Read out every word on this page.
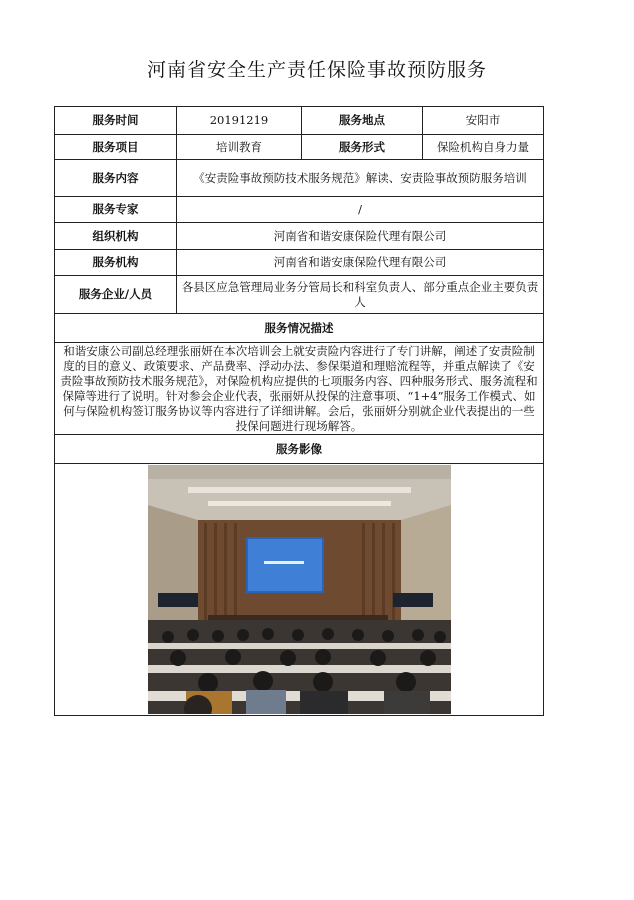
河南省安全生产责任保险事故预防服务
服务时间	20191219	服务地点	安阳市
服务项目	培训教育	服务形式	保险机构自身力量
服务内容	《安责险事故预防技术服务规范》解读、安责险事故预防服务培训		
服务专家	/		
组织机构	河南省和谐安康保险代理有限公司		
服务机构	河南省和谐安康保险代理有限公司		
服务企业/人员	各县区应急管理局业务分管局长和科室负责人、部分重点企业主要负责人		
服务情况描述			
和谐安康公司副总经理张丽妍在本次培训会上就安责险内容进行了专门讲解，阐述了安责险制度的目的意义、政策要求、产品费率、浮动办法、参保渠道和理赔流程等，并重点解读了《安责险事故预防技术服务规范》，对保险机构应提供的七项服务内容、四种服务形式、服务流程和保障等进行了说明。针对参会企业代表，张丽妍从投保的注意事项、“1+4”服务工作模式、如何与保险机构签订服务协议等内容进行了详细讲解。会后，张丽妍分别就企业代表提出的一些投保问题进行现场解答。			
服务影像			
